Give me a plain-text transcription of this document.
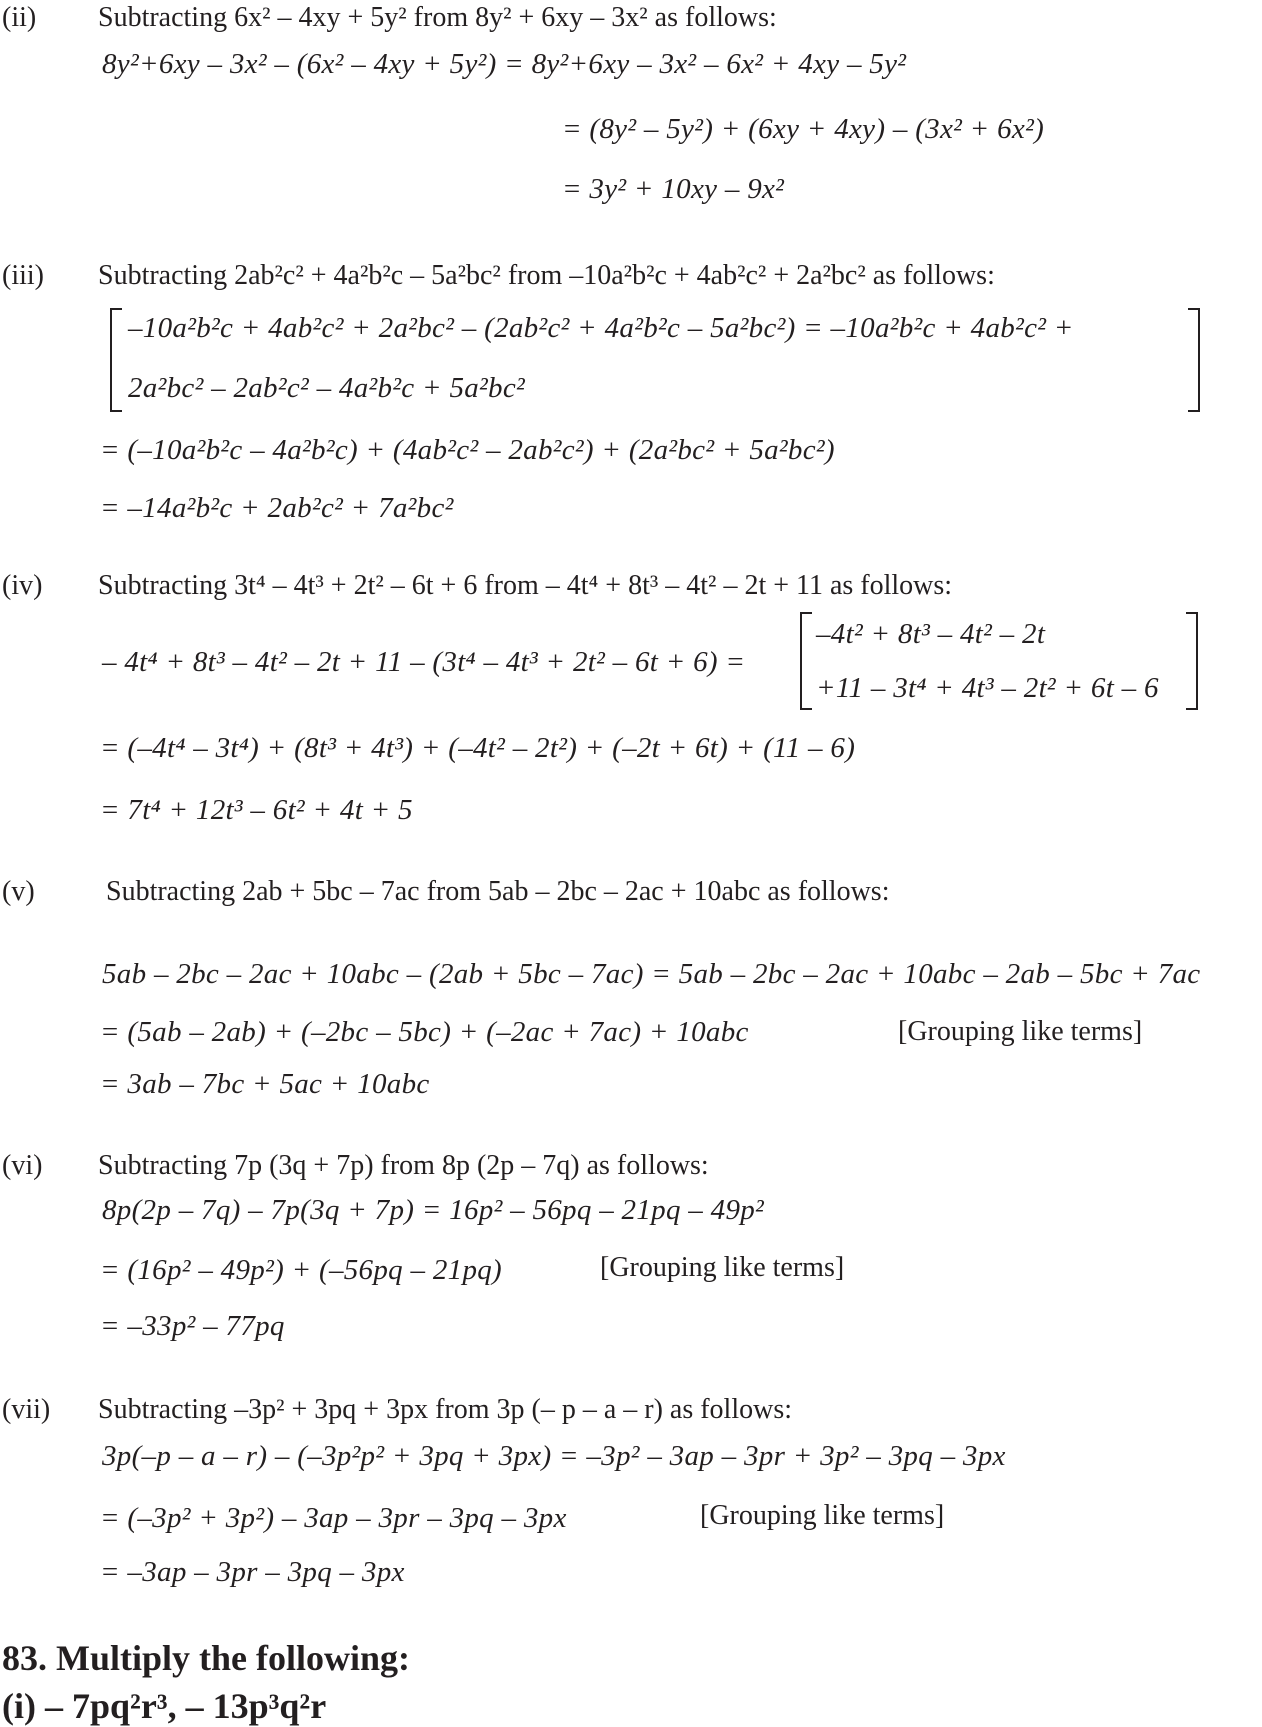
(ii) Subtracting 6x² – 4xy + 5y² from 8y² + 6xy – 3x² as follows:
8y²+6xy – 3x² – (6x² – 4xy + 5y²) = 8y²+6xy – 3x² – 6x² + 4xy – 5y²
= (8y² – 5y²) + (6xy + 4xy) – (3x² + 6x²)
= 3y² + 10xy – 9x²
(iii) Subtracting 2ab²c² + 4a²b²c – 5a²bc² from –10a²b²c + 4ab²c² + 2a²bc² as follows:
–10a²b²c + 4ab²c² + 2a²bc² – (2ab²c² + 4a²b²c – 5a²bc²) = –10a²b²c + 4ab²c² +
2a²bc² – 2ab²c² – 4a²b²c + 5a²bc²
= (–10a²b²c – 4a²b²c) + (4ab²c² – 2ab²c²) + (2a²bc² + 5a²bc²)
= –14a²b²c + 2ab²c² + 7a²bc²
(iv) Subtracting 3t⁴ – 4t³ + 2t² – 6t + 6 from – 4t⁴ + 8t³ – 4t² – 2t + 11 as follows:
– 4t⁴ + 8t³ – 4t² – 2t + 11 – (3t⁴ – 4t³ + 2t² – 6t + 6) =
–4t² + 8t³ – 4t² – 2t
+11 – 3t⁴ + 4t³ – 2t² + 6t – 6
= (–4t⁴ – 3t⁴) + (8t³ + 4t³) + (–4t² – 2t²) + (–2t + 6t) + (11 – 6)
= 7t⁴ + 12t³ – 6t² + 4t + 5
(v)	Subtracting 2ab + 5bc – 7ac from 5ab – 2bc – 2ac + 10abc as follows:
5ab – 2bc – 2ac + 10abc – (2ab + 5bc – 7ac) = 5ab – 2bc – 2ac + 10abc – 2ab – 5bc + 7ac
= (5ab – 2ab) + (–2bc – 5bc) + (–2ac + 7ac) + 10abc	[Grouping like terms]
= 3ab – 7bc + 5ac + 10abc
(vi) Subtracting 7p (3q + 7p) from 8p (2p – 7q) as follows:
8p(2p – 7q) – 7p(3q + 7p) = 16p² – 56pq – 21pq – 49p²
= (16p² – 49p²) + (–56pq – 21pq)	[Grouping like terms]
= –33p² – 77pq
(vii) Subtracting –3p² + 3pq + 3px from 3p (– p – a – r) as follows:
3p(–p – a – r) – (–3p²p² + 3pq + 3px) = –3p² – 3ap – 3pr + 3p² – 3pq – 3px
= (–3p² + 3p²) – 3ap – 3pr – 3pq – 3px	[Grouping like terms]
= –3ap – 3pr – 3pq – 3px
83. Multiply the following:
(i) – 7pq²r³, – 13p³q²r
